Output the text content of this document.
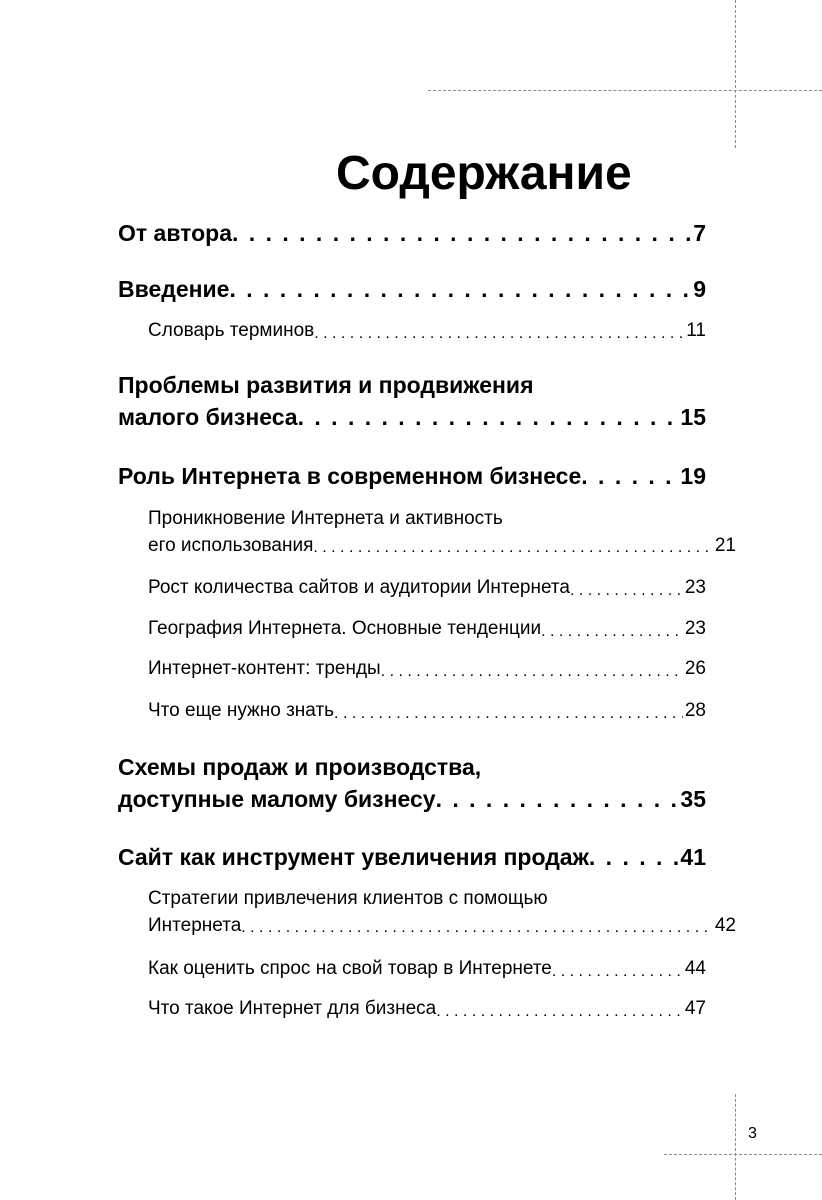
Содержание
От автора . . .	7
Введение . . .	9
Словарь терминов . . .	11
Проблемы развития и продвижения
малого бизнеса . . .	15
Роль Интернета в современном бизнесе . . .	19
Проникновение Интернета и активность
его использования . . .	21
Рост количества сайтов и аудитории Интернета . . .	23
География Интернета. Основные тенденции . . .	23
Интернет-контент: тренды . . .	26
Что еще нужно знать . . .	28
Схемы продаж и производства,
доступные малому бизнесу . . .	35
Сайт как инструмент увеличения продаж . . .	41
Стратегии привлечения клиентов с помощью
Интернета . . .	42
Как оценить спрос на свой товар в Интернете . . .	44
Что такое Интернет для бизнеса . . .	47
3
